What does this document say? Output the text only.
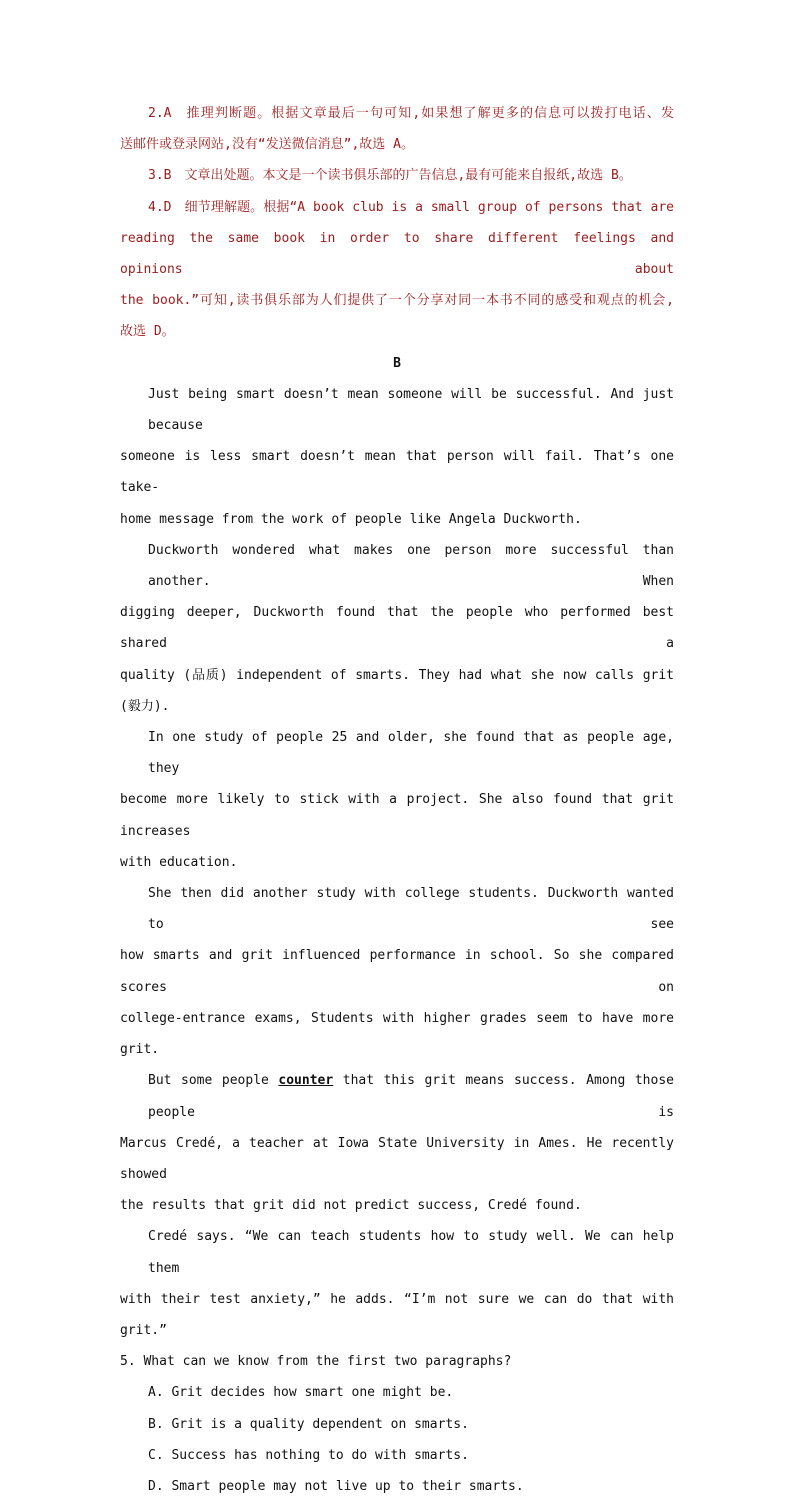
2.A　推理判断题。根据文章最后一句可知,如果想了解更多的信息可以拨打电话、发

送邮件或登录网站,没有“发送微信消息”,故选 A。

3.B　文章出处题。本文是一个读书俱乐部的广告信息,最有可能来自报纸,故选 B。

4.D　细节理解题。根据“A book club is a small group of persons that are

reading the same book in order to share different feelings and opinions about

the book.”可知,读书俱乐部为人们提供了一个分享对同一本书不同的感受和观点的机会,

故选 D。

B

Just being smart doesn’t mean someone will be successful. And just because

someone is less smart doesn’t mean that person will fail. That’s one take-

home message from the work of people like Angela Duckworth.

Duckworth wondered what makes one person more successful than another. When

digging deeper, Duckworth found that the people who performed best shared a

quality (品质) independent of smarts. They had what she now calls grit (毅力).

In one study of people 25 and older, she found that as people age, they

become more likely to stick with a project. She also found that grit increases

with education.

She then did another study with college students. Duckworth wanted to see

how smarts and grit influenced performance in school. So she compared scores on

college-entrance exams, Students with higher grades seem to have more grit.

But some people counter that this grit means success. Among those people is

Marcus Credé, a teacher at Iowa State University in Ames. He recently showed

the results that grit did not predict success, Credé found.

Credé says. “We can teach students how to study well. We can help them

with their test anxiety,” he adds. “I’m not sure we can do that with grit.”

5. What can we know from the first two paragraphs?

A. Grit decides how smart one might be.

B. Grit is a quality dependent on smarts.

C. Success has nothing to do with smarts.

D. Smart people may not live up to their smarts.
